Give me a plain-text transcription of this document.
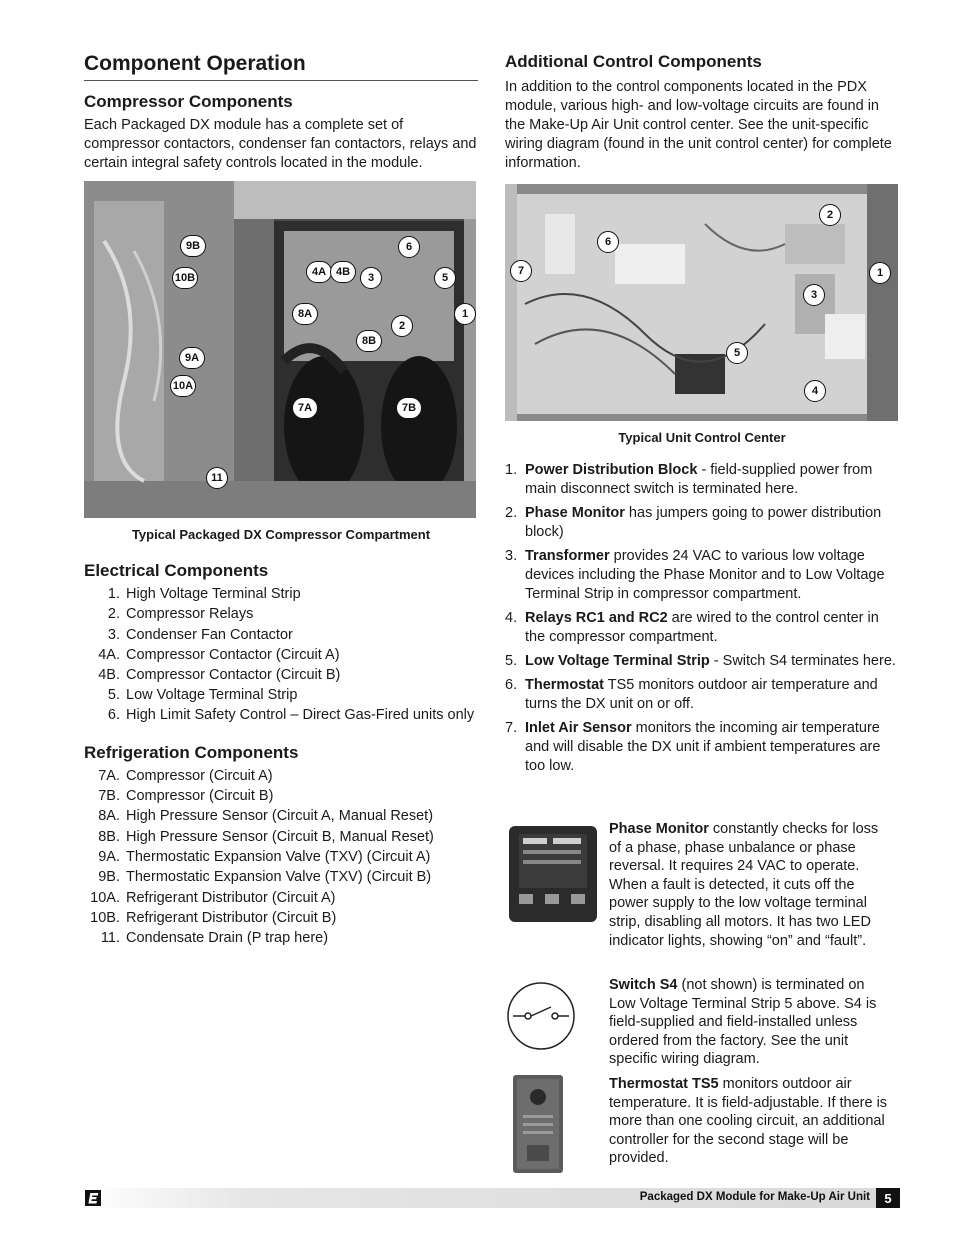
Component Operation
Compressor Components

Each Packaged DX module has a complete set of compressor contactors, condenser fan contactors, relays and certain integral safety controls located in the module.

9B
10B
9A
10A
11
4A 4B	3
6
5
1
8A
2
8B
7A	7B
Typical Packaged DX Compressor Compartment
Electrical Components
1. High Voltage Terminal Strip
2. Compressor Relays
3. Condenser Fan Contactor
4A. Compressor Contactor (Circuit A)
4B. Compressor Contactor (Circuit B)
5. Low Voltage Terminal Strip
6. High Limit Safety Control – Direct Gas-Fired units only
Refrigeration Components
7A. Compressor (Circuit A)
7B. Compressor (Circuit B)
8A. High Pressure Sensor (Circuit A, Manual Reset)
8B. High Pressure Sensor (Circuit B, Manual Reset)
9A. Thermostatic Expansion Valve (TXV) (Circuit A)
9B. Thermostatic Expansion Valve (TXV) (Circuit B)
10A. Refrigerant Distributor (Circuit A)
10B. Refrigerant Distributor (Circuit B)
11. Condensate Drain (P trap here)
Additional Control Components

In addition to the control components located in the PDX module, various high- and low-voltage circuits are found in the Make-Up Air Unit control center. See the unit-specific wiring diagram (found in the unit control center) for complete information.

2
6
7	1
3
5
4
Typical Unit Control Center
1. Power Distribution Block - field-supplied power from main disconnect switch is terminated here.
2. Phase Monitor has jumpers going to power distribution block)
3. Transformer provides 24 VAC to various low voltage devices including the Phase Monitor and to Low Voltage Terminal Strip in compressor compartment.
4. Relays RC1 and RC2 are wired to the control center in the compressor compartment.
5. Low Voltage Terminal Strip - Switch S4 terminates here.
6. Thermostat TS5 monitors outdoor air temperature and turns the DX unit on or off.
7. Inlet Air Sensor monitors the incoming air temperature and will disable the DX unit if ambient temperatures are too low.
Phase Monitor constantly checks for loss of a phase, phase unbalance or phase reversal. It requires 24 VAC to operate. When a fault is detected, it cuts off the power supply to the low voltage terminal strip, disabling all motors. It has two LED indicator lights, showing “on” and “fault”.
Switch S4 (not shown) is terminated on Low Voltage Terminal Strip 5 above. S4 is field-supplied and field-installed unless ordered from the factory. See the unit specific wiring diagram.
Thermostat TS5 monitors outdoor air temperature. It is field-adjustable. If there is more than one cooling circuit, an additional controller for the second stage will be provided.
Packaged DX Module for Make-Up Air Unit	5
